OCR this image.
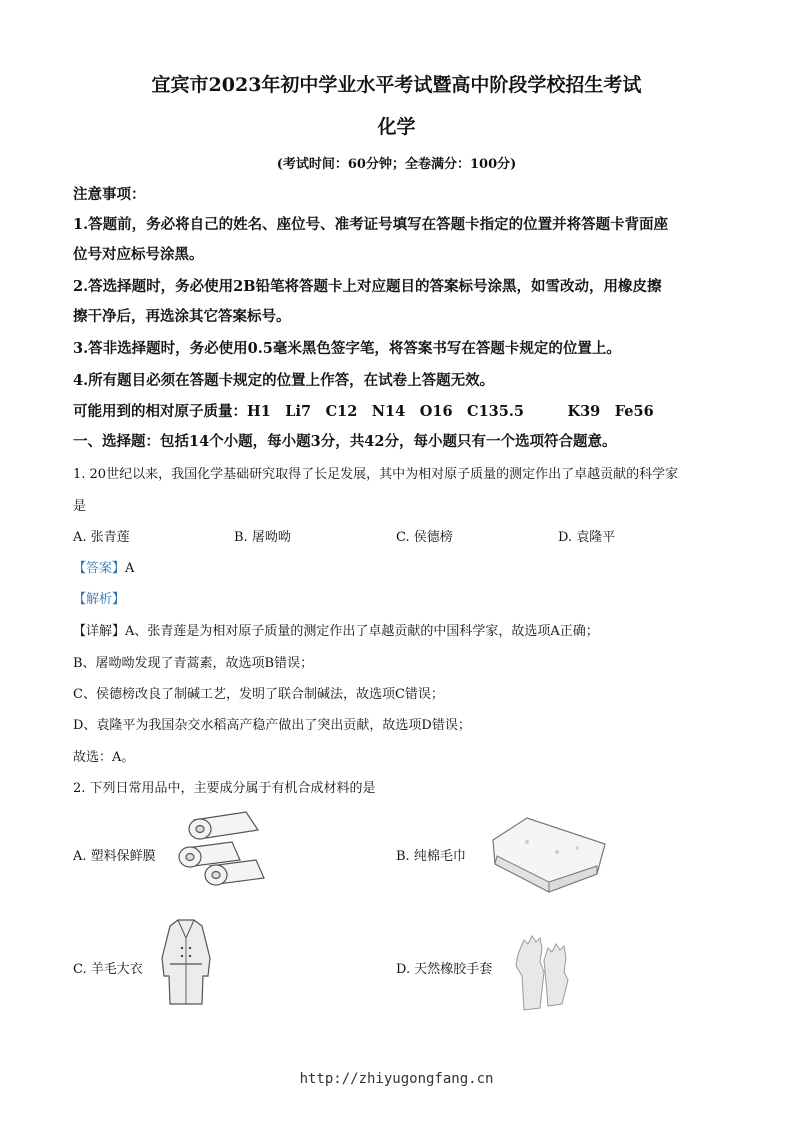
宜宾市2023年初中学业水平考试暨高中阶段学校招生考试
化学
(考试时间：60分钟；全卷满分：100分)
注意事项：
1.答题前，务必将自己的姓名、座位号、准考证号填写在答题卡指定的位置并将答题卡背面座
位号对应标号涂黑。
2.答选择题时，务必使用2B铅笔将答题卡上对应题目的答案标号涂黑，如雪改动，用橡皮擦
擦干净后，再选涂其它答案标号。
3.答非选择题时，务必使用0.5毫米黑色签字笔，将答案书写在答题卡规定的位置上。
4.所有题目必须在答题卡规定的位置上作答，在试卷上答题无效。
可能用到的相对原子质量：H1　Li7　C12　N14　O16　C135.5　　　K39　Fe56
一、选择题：包括14个小题，每小题3分，共42分，每小题只有一个选项符合题意。
1. 20世纪以来，我国化学基础研究取得了长足发展，其中为相对原子质量的测定作出了卓越贡献的科学家
是
A. 张青莲	B. 屠呦呦	C. 侯德榜	D. 袁隆平
【答案】A
【解析】
【详解】A、张青莲是为相对原子质量的测定作出了卓越贡献的中国科学家，故选项A正确；
B、屠呦呦发现了青蒿素，故选项B错误；
C、侯德榜改良了制碱工艺，发明了联合制碱法，故选项C错误；
D、袁隆平为我国杂交水稻高产稳产做出了突出贡献，故选项D错误；
故选：A。
2. 下列日常用品中，主要成分属于有机合成材料的是
A. 塑料保鲜膜	B. 纯棉毛巾
C. 羊毛大衣	D. 天然橡胶手套
http://zhiyugongfang.cn
